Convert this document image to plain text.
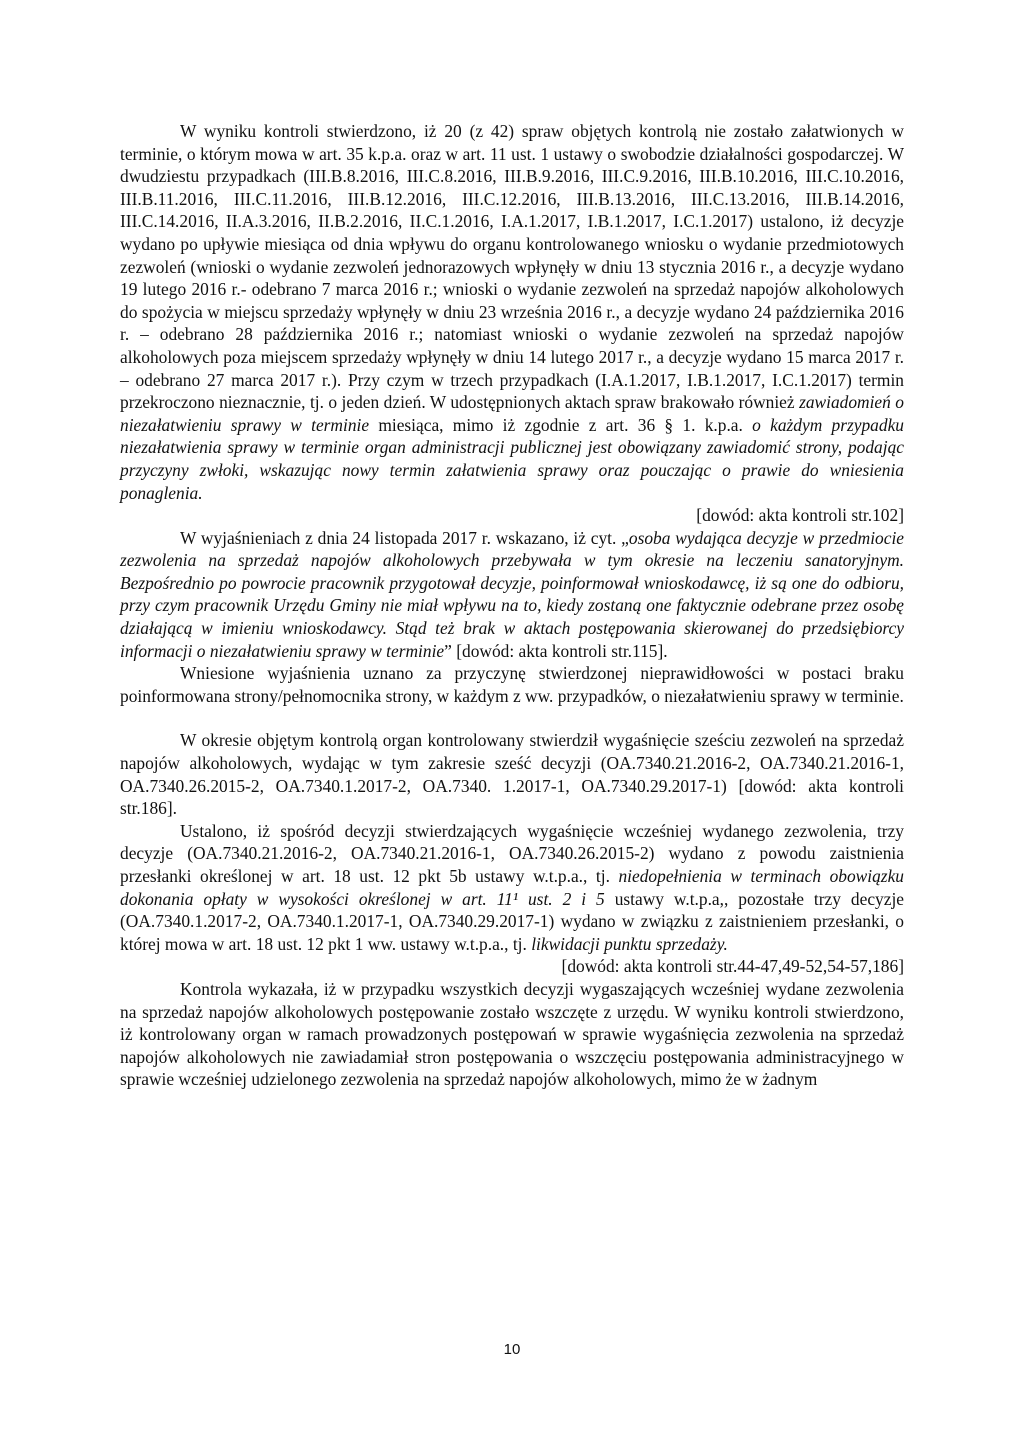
W wyniku kontroli stwierdzono, iż 20 (z 42) spraw objętych kontrolą nie zostało załatwionych w terminie, o którym mowa w art. 35 k.p.a. oraz w art. 11 ust. 1 ustawy o swobodzie działalności gospodarczej. W dwudziestu przypadkach (III.B.8.2016, III.C.8.2016, III.B.9.2016, III.C.9.2016, III.B.10.2016, III.C.10.2016, III.B.11.2016, III.C.11.2016, III.B.12.2016, III.C.12.2016, III.B.13.2016, III.C.13.2016, III.B.14.2016, III.C.14.2016, II.A.3.2016, II.B.2.2016, II.C.1.2016, I.A.1.2017, I.B.1.2017, I.C.1.2017) ustalono, iż decyzje wydano po upływie miesiąca od dnia wpływu do organu kontrolowanego wniosku o wydanie przedmiotowych zezwoleń (wnioski o wydanie zezwoleń jednorazowych wpłynęły w dniu 13 stycznia 2016 r., a decyzje wydano 19 lutego 2016 r.- odebrano 7 marca 2016 r.; wnioski o wydanie zezwoleń na sprzedaż napojów alkoholowych do spożycia w miejscu sprzedaży wpłynęły w dniu 23 września 2016 r., a decyzje wydano 24 października 2016 r. – odebrano 28 października 2016 r.; natomiast wnioski o wydanie zezwoleń na sprzedaż napojów alkoholowych poza miejscem sprzedaży wpłynęły w dniu 14 lutego 2017 r., a decyzje wydano 15 marca 2017 r. – odebrano 27 marca 2017 r.). Przy czym w trzech przypadkach (I.A.1.2017, I.B.1.2017, I.C.1.2017) termin przekroczono nieznacznie, tj. o jeden dzień. W udostępnionych aktach spraw brakowało również zawiadomień o niezałatwieniu sprawy w terminie miesiąca, mimo iż zgodnie z art. 36 § 1. k.p.a. o każdym przypadku niezałatwienia sprawy w terminie organ administracji publicznej jest obowiązany zawiadomić strony, podając przyczyny zwłoki, wskazując nowy termin załatwienia sprawy oraz pouczając o prawie do wniesienia ponaglenia.

[dowód: akta kontroli str.102]

W wyjaśnieniach z dnia 24 listopada 2017 r. wskazano, iż cyt. „osoba wydająca decyzje w przedmiocie zezwolenia na sprzedaż napojów alkoholowych przebywała w tym okresie na leczeniu sanatoryjnym. Bezpośrednio po powrocie pracownik przygotował decyzje, poinformował wnioskodawcę, iż są one do odbioru, przy czym pracownik Urzędu Gminy nie miał wpływu na to, kiedy zostaną one faktycznie odebrane przez osobę działającą w imieniu wnioskodawcy. Stąd też brak w aktach postępowania skierowanej do przedsiębiorcy informacji o niezałatwieniu sprawy w terminie” [dowód: akta kontroli str.115].

Wniesione wyjaśnienia uznano za przyczynę stwierdzonej nieprawidłowości w postaci braku poinformowana strony/pełnomocnika strony, w każdym z ww. przypadków, o niezałatwieniu sprawy w terminie.

W okresie objętym kontrolą organ kontrolowany stwierdził wygaśnięcie sześciu zezwoleń na sprzedaż napojów alkoholowych, wydając w tym zakresie sześć decyzji (OA.7340.21.2016-2, OA.7340.21.2016-1, OA.7340.26.2015-2, OA.7340.1.2017-2, OA.7340. 1.2017-1, OA.7340.29.2017-1) [dowód: akta kontroli str.186].

Ustalono, iż spośród decyzji stwierdzających wygaśnięcie wcześniej wydanego zezwolenia, trzy decyzje (OA.7340.21.2016-2, OA.7340.21.2016-1, OA.7340.26.2015-2) wydano z powodu zaistnienia przesłanki określonej w art. 18 ust. 12 pkt 5b ustawy w.t.p.a., tj. niedopełnienia w terminach obowiązku dokonania opłaty w wysokości określonej w art. 11¹ ust. 2 i 5 ustawy w.t.p.a,, pozostałe trzy decyzje (OA.7340.1.2017-2, OA.7340.1.2017-1, OA.7340.29.2017-1) wydano w związku z zaistnieniem przesłanki, o której mowa w art. 18 ust. 12 pkt 1 ww. ustawy w.t.p.a., tj. likwidacji punktu sprzedaży.

[dowód: akta kontroli str.44-47,49-52,54-57,186]

Kontrola wykazała, iż w przypadku wszystkich decyzji wygaszających wcześniej wydane zezwolenia na sprzedaż napojów alkoholowych postępowanie zostało wszczęte z urzędu. W wyniku kontroli stwierdzono, iż kontrolowany organ w ramach prowadzonych postępowań w sprawie wygaśnięcia zezwolenia na sprzedaż napojów alkoholowych nie zawiadamiał stron postępowania o wszczęciu postępowania administracyjnego w sprawie wcześniej udzielonego zezwolenia na sprzedaż napojów alkoholowych, mimo że w żadnym

10
